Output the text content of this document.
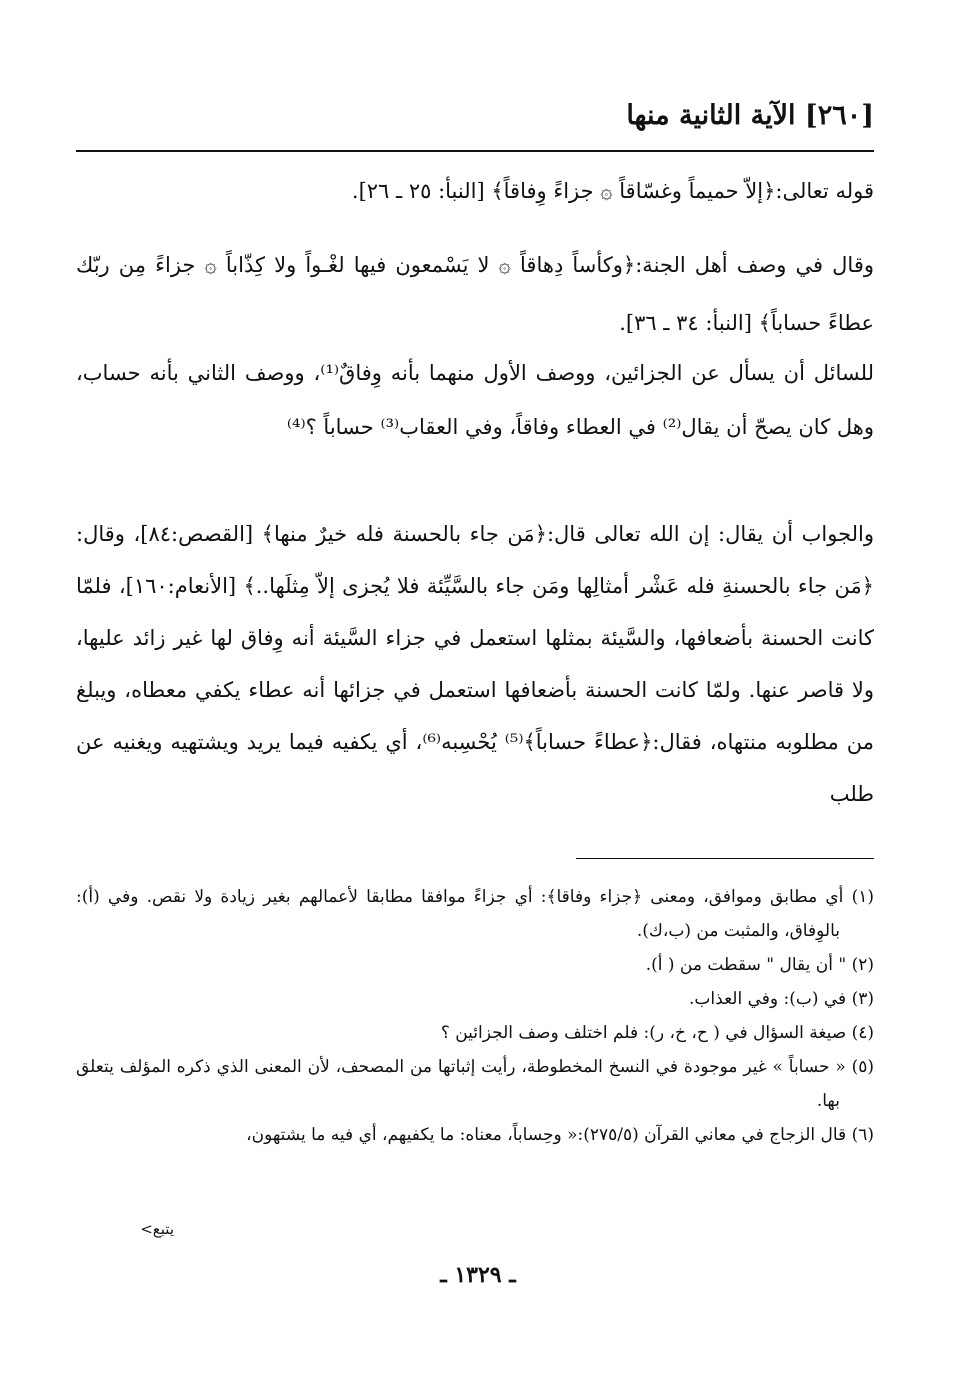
[٢٦٠] الآية الثانية منها

قوله تعالى:﴿إلاّ حميماً وغسّاقاً ۞ جزاءً وِفاقاً﴾ [النبأ: ٢٥ ـ ٢٦].

وقال في وصف أهل الجنة:﴿وكأساً دِهاقاً ۞ لا يَسْمعون فيها لغْـواً ولا كِذّاباً ۞ جزاءً مِن ربّك عطاءً حساباً﴾ [النبأ: ٣٤ ـ ٣٦].

للسائل أن يسأل عن الجزائين، ووصف الأول منهما بأنه وِفاقٌ⁽¹⁾، ووصف الثاني بأنه حساب، وهل كان يصحّ أن يقال⁽²⁾ في العطاء وفاقاً، وفي العقاب⁽³⁾ حساباً ؟⁽⁴⁾

والجواب أن يقال: إن الله تعالى قال:﴿مَن جاء بالحسنة فله خيرٌ منها﴾ [القصص:٨٤]، وقال:﴿مَن جاء بالحسنةِ فله عَشْر أمثالِها ومَن جاء بالسَّيِّئة فلا يُجزى إلاّ مِثلَها..﴾ [الأنعام:١٦٠]، فلمّا كانت الحسنة بأضعافها، والسَّيئة بمثلها استعمل في جزاء السَّيئة أنه وِفاق لها غير زائد عليها، ولا قاصر عنها. ولمّا كانت الحسنة بأضعافها استعمل في جزائها أنه عطاء يكفي معطاه، ويبلغ من مطلوبه منتهاه، فقال:﴿عطاءً حساباً﴾⁽⁵⁾ يُحْسِبه⁽⁶⁾، أي يكفيه فيما يريد ويشتهيه ويغنيه عن طلب

(١) أي مطابق وموافق، ومعنى ﴿جزاء وفاقا﴾: أي جزاءً موافقا مطابقا لأعمالهم بغير زيادة ولا نقص. وفي (أ): بالوِفاق، والمثبت من (ب،ك).
(٢) " أن يقال " سقطت من ( أ).
(٣) في (ب): وفي العذاب.
(٤) صيغة السؤال في ( ح، خ، ر): فلم اختلف وصف الجزائين ؟
(٥) « حساباً » غير موجودة في النسخ المخطوطة، رأيت إثباتها من المصحف، لأن المعنى الذي ذكره المؤلف يتعلق بها.
(٦) قال الزجاج في معاني القرآن (٢٧٥/٥):« وحِساباً، معناه: ما يكفيهم، أي فيه ما يشتهون،
يتبع>
ـ ١٣٢٩ ـ
